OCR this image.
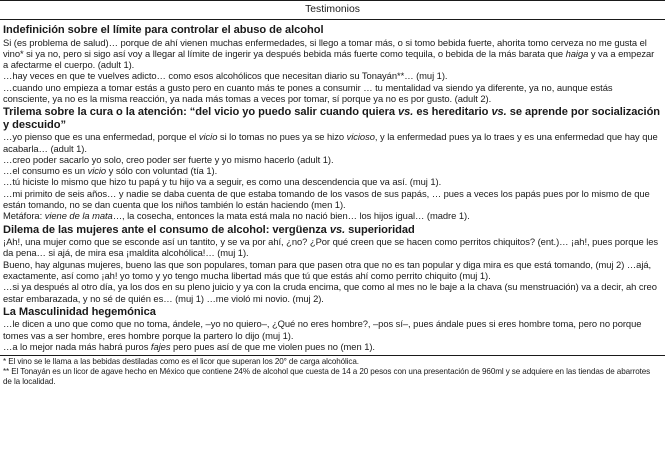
Testimonios
Indefinición sobre el límite para controlar el abuso de alcohol

Si (es problema de salud)… porque de ahí vienen muchas enfermedades, si llego a tomar más, o si tomo bebida fuerte, ahorita tomo cerveza no me gusta el vino* si ya no, pero si sigo así voy a llegar al límite de ingerir ya después bebida más fuerte como tequila, o bebida de la más barata que haiga y va a empezar a afectarme el cuerpo. (adult 1).

…hay veces en que te vuelves adicto… como esos alcohólicos que necesitan diario su Tonayán**… (muj 1).

…cuando uno empieza a tomar estás a gusto pero en cuanto más te pones a consumir … tu mentalidad va siendo ya diferente, ya no, aunque estás consciente, ya no es la misma reacción, ya nada más tomas a veces por tomar, sí porque ya no es por gusto. (adult 2).

Trilema sobre la cura o la atención: “del vicio yo puedo salir cuando quiera vs. es hereditario vs. se aprende por socialización y descuido”

…yo pienso que es una enfermedad, porque el vicio si lo tomas no pues ya se hizo vicioso, y la enfermedad pues ya lo traes y es una enfermedad que hay que acabarla… (adult 1).

…creo poder sacarlo yo solo, creo poder ser fuerte y yo mismo hacerlo (adult 1).

…el consumo es un vicio y sólo con voluntad (tía 1).

…tú hiciste lo mismo que hizo tu papá y tu hijo va a seguir, es como una descendencia que va así. (muj 1).

…mi primito de seis años… y nadie se daba cuenta de que estaba tomando de los vasos de sus papás, … pues a veces los papás pues por lo mismo de que están tomando, no se dan cuenta que los niños también lo están haciendo (men 1).

Metáfora: viene de la mata…, la cosecha, entonces la mata está mala no nació bien… los hijos igual… (madre 1).

Dilema de las mujeres ante el consumo de alcohol: vergüenza vs. superioridad

¡Ah!, una mujer como que se esconde así un tantito, y se va por ahí, ¿no? ¿Por qué creen que se hacen como perritos chiquitos? (ent.)… ¡ah!, pues porque les da pena… si ajá, de mira esa ¡maldita alcohólica!… (muj 1).

Bueno, hay algunas mujeres, bueno las que son populares, toman para que pasen otra que no es tan popular y diga mira es que está tomando, (muj 2) …ajá, exactamente, así como ¡ah! yo tomo y yo tengo mucha libertad más que tú que estás ahí como perrito chiquito (muj 1).

…si ya después al otro día, ya los dos en su pleno juicio y ya con la cruda encima, que como al mes no le baje a la chava (su menstruación) va a decir, ah creo estar embarazada, y no sé de quién es… (muj 1) …me violó mi novio. (muj 2).

La Masculinidad hegemónica

…le dicen a uno que como que no toma, ándele, –yo no quiero–, ¿Qué no eres hombre?, –pos sí–, pues ándale pues si eres hombre toma, pero no porque tomes vas a ser hombre, eres hombre porque la partero lo dijo (muj 1).

…a lo mejor nada más habrá puros fajes pero pues así de que me violen pues no (men 1).

* El vino se le llama a las bebidas destiladas como es el licor que superan los 20° de carga alcohólica.

** El Tonayán es un licor de agave hecho en México que contiene 24% de alcohol que cuesta de 14 a 20 pesos con una presentación de 960ml y se adquiere en las tiendas de abarrotes de la localidad.
